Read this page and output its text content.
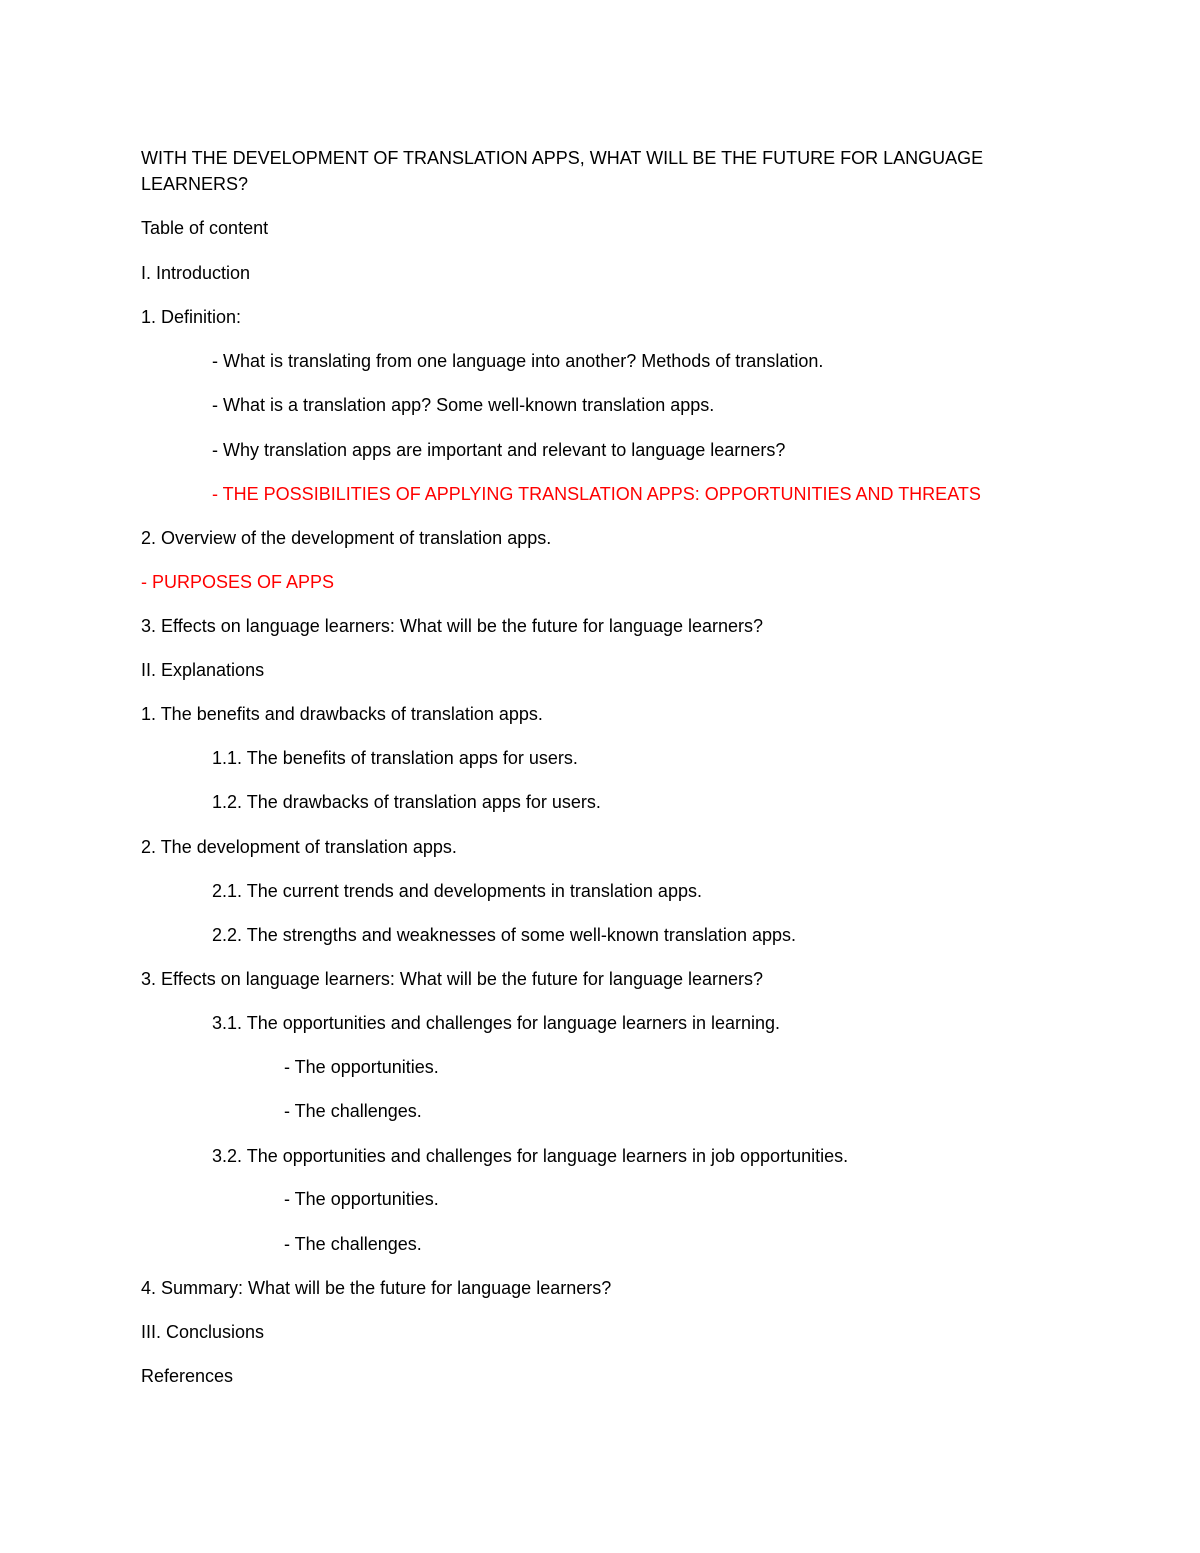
WITH THE DEVELOPMENT OF TRANSLATION APPS, WHAT WILL BE THE FUTURE FOR LANGUAGE LEARNERS?
Table of content
I. Introduction
1. Definition:
- What is translating from one language into another? Methods of translation.
- What is a translation app? Some well-known translation apps.
- Why translation apps are important and relevant to language learners?
- THE POSSIBILITIES OF APPLYING TRANSLATION APPS: OPPORTUNITIES AND THREATS
2. Overview of the development of translation apps.
- PURPOSES OF APPS
3. Effects on language learners: What will be the future for language learners?
II. Explanations
1. The benefits and drawbacks of translation apps.
1.1. The benefits of translation apps for users.
1.2. The drawbacks of translation apps for users.
2. The development of translation apps.
2.1. The current trends and developments in translation apps.
2.2. The strengths and weaknesses of some well-known translation apps.
3. Effects on language learners: What will be the future for language learners?
3.1. The opportunities and challenges for language learners in learning.
- The opportunities.
- The challenges.
3.2. The opportunities and challenges for language learners in job opportunities.
- The opportunities.
- The challenges.
4. Summary: What will be the future for language learners?
III. Conclusions
References
